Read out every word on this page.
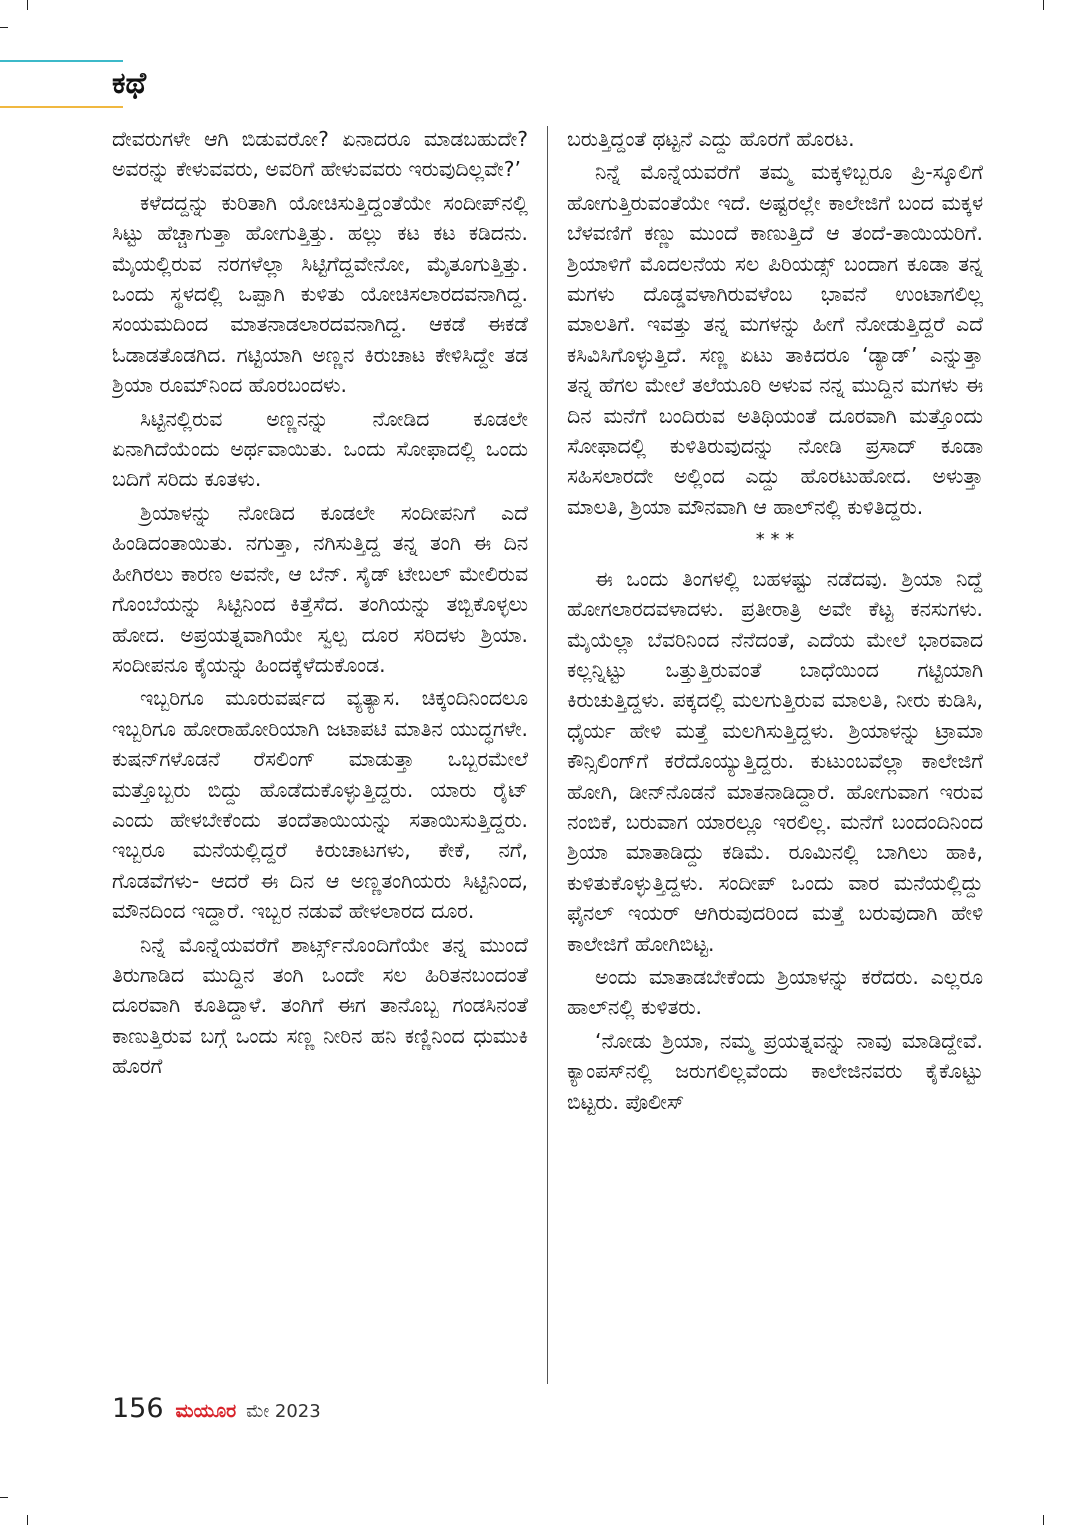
ಕಥೆ

ದೇವರುಗಳೇ ಆಗಿ ಬಿಡುವರೋ? ಏನಾದರೂ ಮಾಡಬಹುದೇ? ಅವರನ್ನು ಕೇಳುವವರು, ಅವರಿಗೆ ಹೇಳುವವರು ಇರುವುದಿಲ್ಲವೇ?’

ಕಳೆದದ್ದನ್ನು ಕುರಿತಾಗಿ ಯೋಚಿಸುತ್ತಿದ್ದಂತೆಯೇ ಸಂದೀಪ್‌ನಲ್ಲಿ ಸಿಟ್ಟು ಹೆಚ್ಚಾಗುತ್ತಾ ಹೋಗುತ್ತಿತ್ತು. ಹಲ್ಲು ಕಟ ಕಟ ಕಡಿದನು. ಮೈಯಲ್ಲಿರುವ ನರಗಳೆಲ್ಲಾ ಸಿಟ್ಟಿಗೆದ್ದವೇನೋ, ಮೈತೂಗುತ್ತಿತ್ತು. ಒಂದು ಸ್ಥಳದಲ್ಲಿ ಒಪ್ಪಾಗಿ ಕುಳಿತು ಯೋಚಿಸಲಾರದವನಾಗಿದ್ದ. ಸಂಯಮದಿಂದ ಮಾತನಾಡಲಾರದವನಾಗಿದ್ದ. ಆಕಡೆ ಈಕಡೆ ಓಡಾಡತೊಡಗಿದ. ಗಟ್ಟಿಯಾಗಿ ಅಣ್ಣನ ಕಿರುಚಾಟ ಕೇಳಿಸಿದ್ದೇ ತಡ ಶ್ರಿಯಾ ರೂಮ್‌ನಿಂದ ಹೊರಬಂದಳು.

ಸಿಟ್ಟಿನಲ್ಲಿರುವ ಅಣ್ಣನನ್ನು ನೋಡಿದ ಕೂಡಲೇ ಏನಾಗಿದೆಯೆಂದು ಅರ್ಥವಾಯಿತು. ಒಂದು ಸೋಫಾದಲ್ಲಿ ಒಂದು ಬದಿಗೆ ಸರಿದು ಕೂತಳು.

ಶ್ರಿಯಾಳನ್ನು ನೋಡಿದ ಕೂಡಲೇ ಸಂದೀಪನಿಗೆ ಎದೆ ಹಿಂಡಿದಂತಾಯಿತು. ನಗುತ್ತಾ, ನಗಿಸುತ್ತಿದ್ದ ತನ್ನ ತಂಗಿ ಈ ದಿನ ಹೀಗಿರಲು ಕಾರಣ ಅವನೇ, ಆ ಬೆನ್. ಸೈಡ್ ಟೇಬಲ್ ಮೇಲಿರುವ ಗೊಂಬೆಯನ್ನು ಸಿಟ್ಟಿನಿಂದ ಕಿತ್ತೆಸೆದ. ತಂಗಿಯನ್ನು ತಬ್ಬಿಕೊಳ್ಳಲು ಹೋದ. ಅಪ್ರಯತ್ನವಾಗಿಯೇ ಸ್ವಲ್ಪ ದೂರ ಸರಿದಳು ಶ್ರಿಯಾ. ಸಂದೀಪನೂ ಕೈಯನ್ನು ಹಿಂದಕ್ಕೆಳೆದುಕೊಂಡ.

ಇಬ್ಬರಿಗೂ ಮೂರುವರ್ಷದ ವ್ಯತ್ಯಾಸ. ಚಿಕ್ಕಂದಿನಿಂದಲೂ ಇಬ್ಬರಿಗೂ ಹೋರಾಹೋರಿಯಾಗಿ ಜಟಾಪಟಿ ಮಾತಿನ ಯುದ್ಧಗಳೇ. ಕುಷನ್‌ಗಳೊಡನೆ ರೆಸಲಿಂಗ್ ಮಾಡುತ್ತಾ ಒಬ್ಬರಮೇಲೆ ಮತ್ತೊಬ್ಬರು ಬಿದ್ದು ಹೊಡೆದುಕೊಳ್ಳುತ್ತಿದ್ದರು. ಯಾರು ರೈಟ್ ಎಂದು ಹೇಳಬೇಕೆಂದು ತಂದೆತಾಯಿಯನ್ನು ಸತಾಯಿಸುತ್ತಿದ್ದರು. ಇಬ್ಬರೂ ಮನೆಯಲ್ಲಿದ್ದರೆ ಕಿರುಚಾಟಗಳು, ಕೇಕೆ, ನಗೆ, ಗೊಡವೆಗಳು- ಆದರೆ ಈ ದಿನ ಆ ಅಣ್ಣತಂಗಿಯರು ಸಿಟ್ಟಿನಿಂದ, ಮೌನದಿಂದ ಇದ್ದಾರೆ. ಇಬ್ಬರ ನಡುವೆ ಹೇಳಲಾರದ ದೂರ.

ನಿನ್ನೆ ಮೊನ್ನೆಯವರೆಗೆ ಶಾರ್ಟ್ಸ್‌ನೊಂದಿಗೆಯೇ ತನ್ನ ಮುಂದೆ ತಿರುಗಾಡಿದ ಮುದ್ದಿನ ತಂಗಿ ಒಂದೇ ಸಲ ಹಿರಿತನಬಂದಂತೆ ದೂರವಾಗಿ ಕೂತಿದ್ದಾಳೆ. ತಂಗಿಗೆ ಈಗ ತಾನೊಬ್ಬ ಗಂಡಸಿನಂತೆ ಕಾಣುತ್ತಿರುವ ಬಗ್ಗೆ ಒಂದು ಸಣ್ಣ ನೀರಿನ ಹನಿ ಕಣ್ಣಿನಿಂದ ಧುಮುಕಿ ಹೊರಗೆ

ಬರುತ್ತಿದ್ದಂತೆ ಥಟ್ಟನೆ ಎದ್ದು ಹೊರಗೆ ಹೊರಟ.

ನಿನ್ನೆ ಮೊನ್ನೆಯವರೆಗೆ ತಮ್ಮ ಮಕ್ಕಳಿಬ್ಬರೂ ಪ್ರಿ-ಸ್ಕೂಲಿಗೆ ಹೋಗುತ್ತಿರುವಂತೆಯೇ ಇದೆ. ಅಷ್ಟರಲ್ಲೇ ಕಾಲೇಜಿಗೆ ಬಂದ ಮಕ್ಕಳ ಬೆಳವಣಿಗೆ ಕಣ್ಣು ಮುಂದೆ ಕಾಣುತ್ತಿದೆ ಆ ತಂದೆ-ತಾಯಿಯರಿಗೆ. ಶ್ರಿಯಾಳಿಗೆ ಮೊದಲನೆಯ ಸಲ ಪಿರಿಯಡ್ಸ್ ಬಂದಾಗ ಕೂಡಾ ತನ್ನ ಮಗಳು ದೊಡ್ಡವಳಾಗಿರುವಳೆಂಬ ಭಾವನೆ ಉಂಟಾಗಲಿಲ್ಲ ಮಾಲತಿಗೆ. ಇವತ್ತು ತನ್ನ ಮಗಳನ್ನು ಹೀಗೆ ನೋಡುತ್ತಿದ್ದರೆ ಎದೆ ಕಸಿವಿಸಿಗೊಳ್ಳುತ್ತಿದೆ. ಸಣ್ಣ ಏಟು ತಾಕಿದರೂ ‘ಡ್ಯಾಡ್’ ಎನ್ನುತ್ತಾ ತನ್ನ ಹೆಗಲ ಮೇಲೆ ತಲೆಯೂರಿ ಅಳುವ ನನ್ನ ಮುದ್ದಿನ ಮಗಳು ಈ ದಿನ ಮನೆಗೆ ಬಂದಿರುವ ಅತಿಥಿಯಂತೆ ದೂರವಾಗಿ ಮತ್ತೊಂದು ಸೋಫಾದಲ್ಲಿ ಕುಳಿತಿರುವುದನ್ನು ನೋಡಿ ಪ್ರಸಾದ್ ಕೂಡಾ ಸಹಿಸಲಾರದೇ ಅಲ್ಲಿಂದ ಎದ್ದು ಹೊರಟುಹೋದ. ಅಳುತ್ತಾ ಮಾಲತಿ, ಶ್ರಿಯಾ ಮೌನವಾಗಿ ಆ ಹಾಲ್‌ನಲ್ಲಿ ಕುಳಿತಿದ್ದರು.

* * *

ಈ ಒಂದು ತಿಂಗಳಲ್ಲಿ ಬಹಳಷ್ಟು ನಡೆದವು. ಶ್ರಿಯಾ ನಿದ್ದೆ ಹೋಗಲಾರದವಳಾದಳು. ಪ್ರತೀರಾತ್ರಿ ಅವೇ ಕೆಟ್ಟ ಕನಸುಗಳು. ಮೈಯೆಲ್ಲಾ ಬೆವರಿನಿಂದ ನೆನೆದಂತೆ, ಎದೆಯ ಮೇಲೆ ಭಾರವಾದ ಕಲ್ಲನ್ನಿಟ್ಟು ಒತ್ತುತ್ತಿರುವಂತೆ ಬಾಧೆಯಿಂದ ಗಟ್ಟಿಯಾಗಿ ಕಿರುಚುತ್ತಿದ್ದಳು. ಪಕ್ಕದಲ್ಲಿ ಮಲಗುತ್ತಿರುವ ಮಾಲತಿ, ನೀರು ಕುಡಿಸಿ, ಧೈರ್ಯ ಹೇಳಿ ಮತ್ತೆ ಮಲಗಿಸುತ್ತಿದ್ದಳು. ಶ್ರಿಯಾಳನ್ನು ಟ್ರಾಮಾ ಕೌನ್ಸಿಲಿಂಗ್‌ಗೆ ಕರೆದೊಯ್ಯುತ್ತಿದ್ದರು. ಕುಟುಂಬವೆಲ್ಲಾ ಕಾಲೇಜಿಗೆ ಹೋಗಿ, ಡೀನ್‌ನೊಡನೆ ಮಾತನಾಡಿದ್ದಾರೆ. ಹೋಗುವಾಗ ಇರುವ ನಂಬಿಕೆ, ಬರುವಾಗ ಯಾರಲ್ಲೂ ಇರಲಿಲ್ಲ. ಮನೆಗೆ ಬಂದಂದಿನಿಂದ ಶ್ರಿಯಾ ಮಾತಾಡಿದ್ದು ಕಡಿಮೆ. ರೂಮಿನಲ್ಲಿ ಬಾಗಿಲು ಹಾಕಿ, ಕುಳಿತುಕೊಳ್ಳುತ್ತಿದ್ದಳು. ಸಂದೀಪ್ ಒಂದು ವಾರ ಮನೆಯಲ್ಲಿದ್ದು ಫೈನಲ್ ಇಯರ್ ಆಗಿರುವುದರಿಂದ ಮತ್ತೆ ಬರುವುದಾಗಿ ಹೇಳಿ ಕಾಲೇಜಿಗೆ ಹೋಗಿಬಿಟ್ಟ.

ಅಂದು ಮಾತಾಡಬೇಕೆಂದು ಶ್ರಿಯಾಳನ್ನು ಕರೆದರು. ಎಲ್ಲರೂ ಹಾಲ್‌ನಲ್ಲಿ ಕುಳಿತರು.

‘ನೋಡು ಶ್ರಿಯಾ, ನಮ್ಮ ಪ್ರಯತ್ನವನ್ನು ನಾವು ಮಾಡಿದ್ದೇವೆ. ಕ್ಯಾಂಪಸ್‌ನಲ್ಲಿ ಜರುಗಲಿಲ್ಲವೆಂದು ಕಾಲೇಜಿನವರು ಕೈಕೊಟ್ಟು ಬಿಟ್ಟರು. ಪೊಲೀಸ್

156 ಮಯೂರ ಮೇ 2023
